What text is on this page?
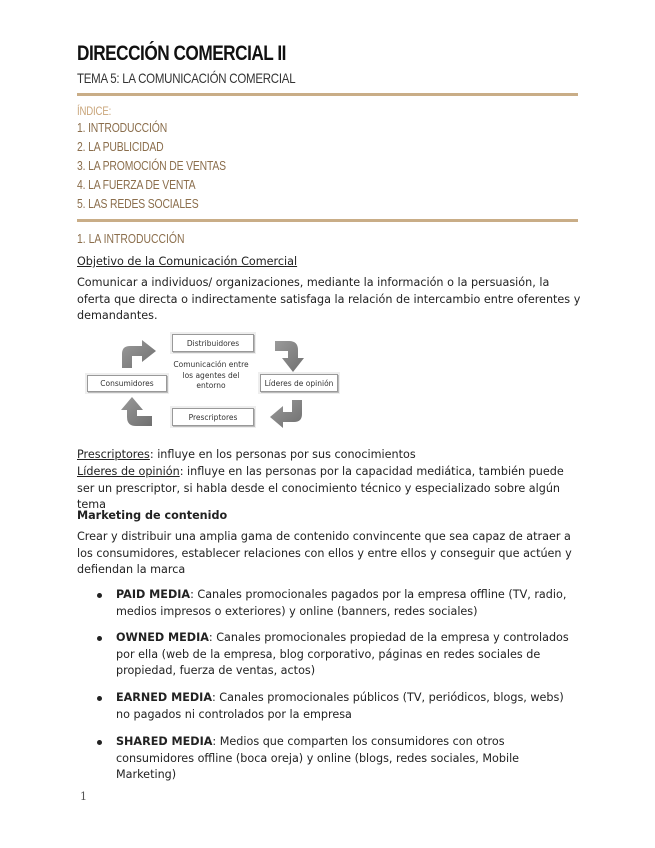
DIRECCIÓN COMERCIAL II
TEMA 5: LA COMUNICACIÓN COMERCIAL
ÍNDICE:
1. INTRODUCCIÓN
2. LA PUBLICIDAD
3. LA PROMOCIÓN DE VENTAS
4. LA FUERZA DE VENTA
5. LAS REDES SOCIALES
1. LA INTRODUCCIÓN
Objetivo de la Comunicación Comercial
Comunicar a individuos/ organizaciones, mediante la información o la persuasión, la oferta que directa o indirectamente satisfaga la relación de intercambio entre oferentes y demandantes.
Distribuidores
Consumidores	Líderes de opinión
Prescriptores
Comunicación entre los agentes del entorno
Prescriptores: influye en los personas por sus conocimientos
Líderes de opinión: influye en las personas por la capacidad mediática, también puede ser un prescriptor, si habla desde el conocimiento técnico y especializado sobre algún tema
Marketing de contenido
Crear y distribuir una amplia gama de contenido convincente que sea capaz de atraer a los consumidores, establecer relaciones con ellos y entre ellos y conseguir que actúen y defiendan la marca
PAID MEDIA: Canales promocionales pagados por la empresa offline (TV, radio, medios impresos o exteriores) y online (banners, redes sociales)
OWNED MEDIA: Canales promocionales propiedad de la empresa y controlados por ella (web de la empresa, blog corporativo, páginas en redes sociales de propiedad, fuerza de ventas, actos)
EARNED MEDIA: Canales promocionales públicos (TV, periódicos, blogs, webs) no pagados ni controlados por la empresa
SHARED MEDIA: Medios que comparten los consumidores con otros consumidores offline (boca oreja) y online (blogs, redes sociales, Mobile Marketing)
1
